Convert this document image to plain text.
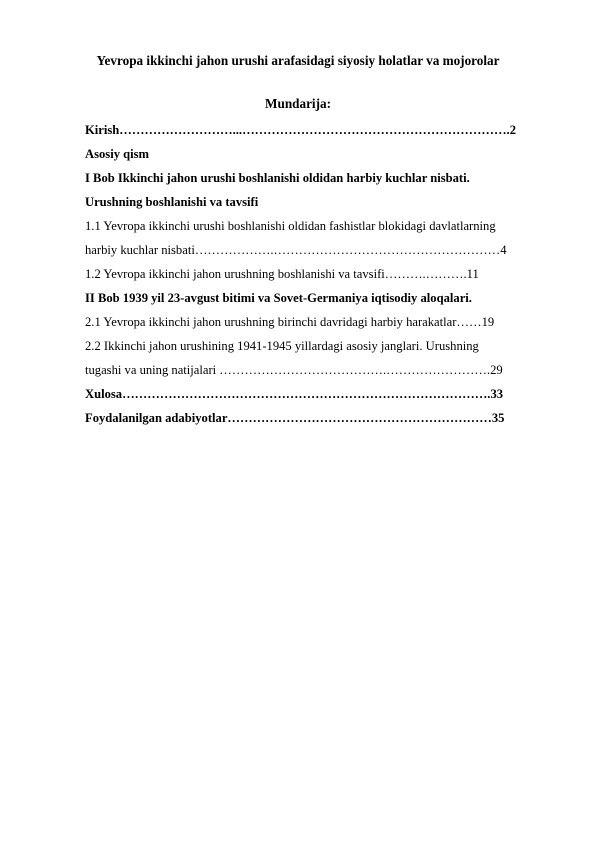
Yevropa ikkinchi jahon urushi arafasidagi siyosiy holatlar va mojorolar
Mundarija:
Kirish………………………...……………………………………………………….2
Asosiy qism
I Bob Ikkinchi jahon urushi boshlanishi oldidan harbiy kuchlar nisbati.
Urushning boshlanishi va tavsifi
1.1 Yevropa ikkinchi urushi boshlanishi oldidan fashistlar blokidagi davlatlarning
harbiy kuchlar nisbati……………….………………………………………………4
1.2 Yevropa ikkinchi jahon urushning boshlanishi va tavsifi……….……….11
II Bob 1939 yil 23-avgust bitimi va Sovet-Germaniya iqtisodiy aloqalari.
2.1 Yevropa ikkinchi jahon urushning birinchi davridagi harbiy harakatlar……19
2.2 Ikkinchi jahon urushining 1941-1945 yillardagi asosiy janglari. Urushning
tugashi va uning natijalari ………………………………….…………………….29
Xulosa…………………………………………………………………………….33
Foydalanilgan adabiyotlar………………………………………………………35
